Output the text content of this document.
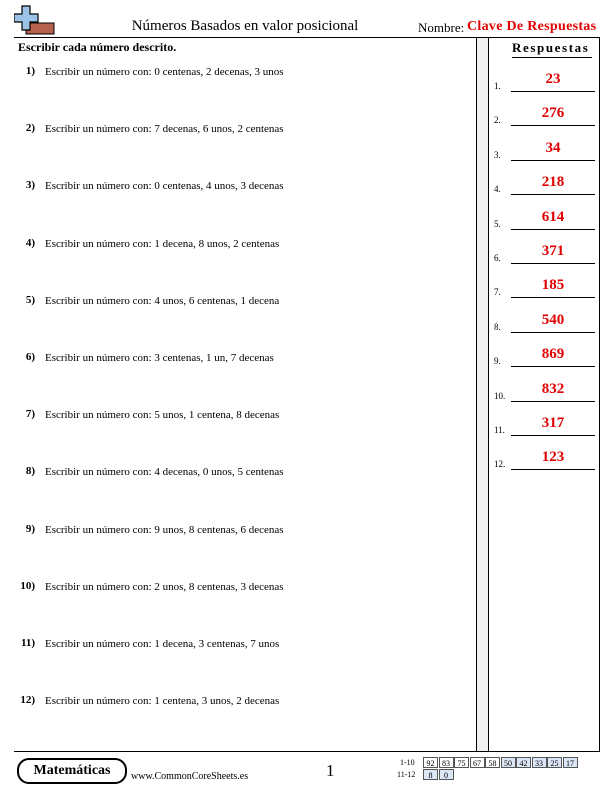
Números Basados en valor posicional	Nombre: Clave De Respuestas
Escribir cada número descrito.	Respuestas
1) Escribir un número con: 0 centenas, 2 decenas, 3 unos
2) Escribir un número con: 7 decenas, 6 unos, 2 centenas
3) Escribir un número con: 0 centenas, 4 unos, 3 decenas
4) Escribir un número con: 1 decena, 8 unos, 2 centenas
5) Escribir un número con: 4 unos, 6 centenas, 1 decena
6) Escribir un número con: 3 centenas, 1 un, 7 decenas
7) Escribir un número con: 5 unos, 1 centena, 8 decenas
8) Escribir un número con: 4 decenas, 0 unos, 5 centenas
9) Escribir un número con: 9 unos, 8 centenas, 6 decenas
10) Escribir un número con: 2 unos, 8 centenas, 3 decenas
11) Escribir un número con: 1 decena, 3 centenas, 7 unos
12) Escribir un número con: 1 centena, 3 unos, 2 decenas
1.	23
2.	276
3.	34
4.	218
5.	614
6.	371
7.	185
8.	540
9.	869
10.	832
11.	317
12.	123
Matemáticas	www.CommonCoreSheets.es	1	1-10	92 83 75 67 58 50 42 33 25 17
11-12	8	0
